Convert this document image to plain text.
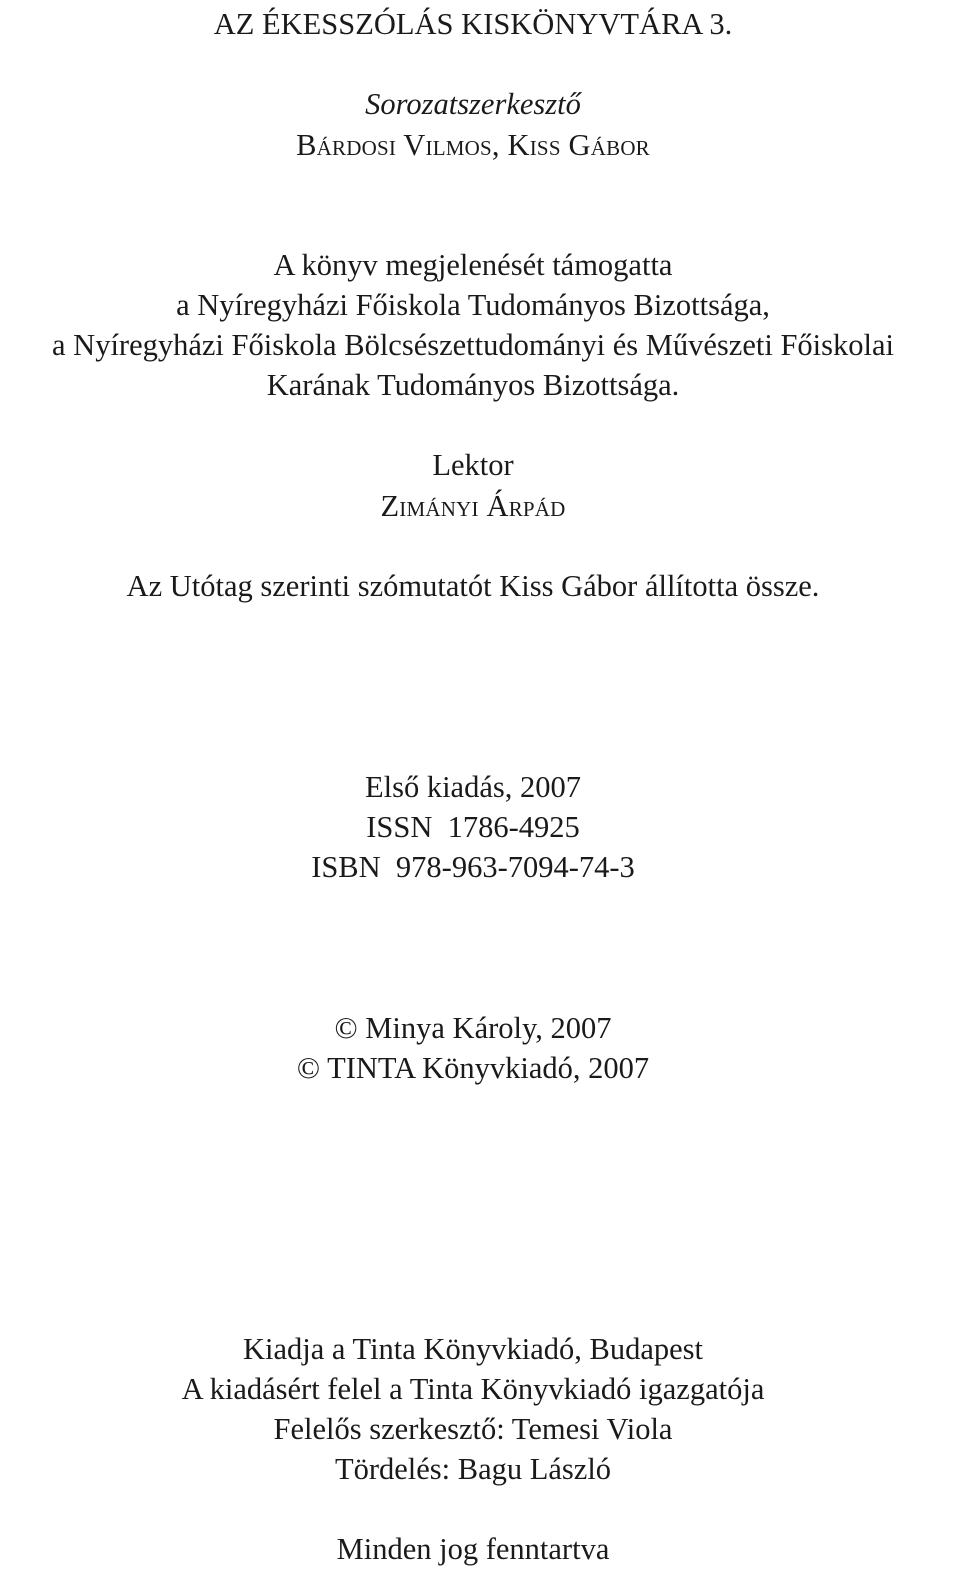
AZ ÉKESSZÓLÁS KISKÖNYVTÁRA 3.
Sorozatszerkesztő
Bárdosi Vilmos, Kiss Gábor
A könyv megjelenését támogatta
a Nyíregyházi Főiskola Tudományos Bizottsága,
a Nyíregyházi Főiskola Bölcsészettudományi és Művészeti Főiskolai
Karának Tudományos Bizottsága.
Lektor
Zimányi Árpád
Az Utótag szerinti szómutatót Kiss Gábor állította össze.
Első kiadás, 2007
ISSN  1786-4925
ISBN  978-963-7094-74-3
© Minya Károly, 2007
© TINTA Könyvkiadó, 2007
Kiadja a Tinta Könyvkiadó, Budapest
A kiadásért felel a Tinta Könyvkiadó igazgatója
Felelős szerkesztő: Temesi Viola
Tördelés: Bagu László
Minden jog fenntartva
